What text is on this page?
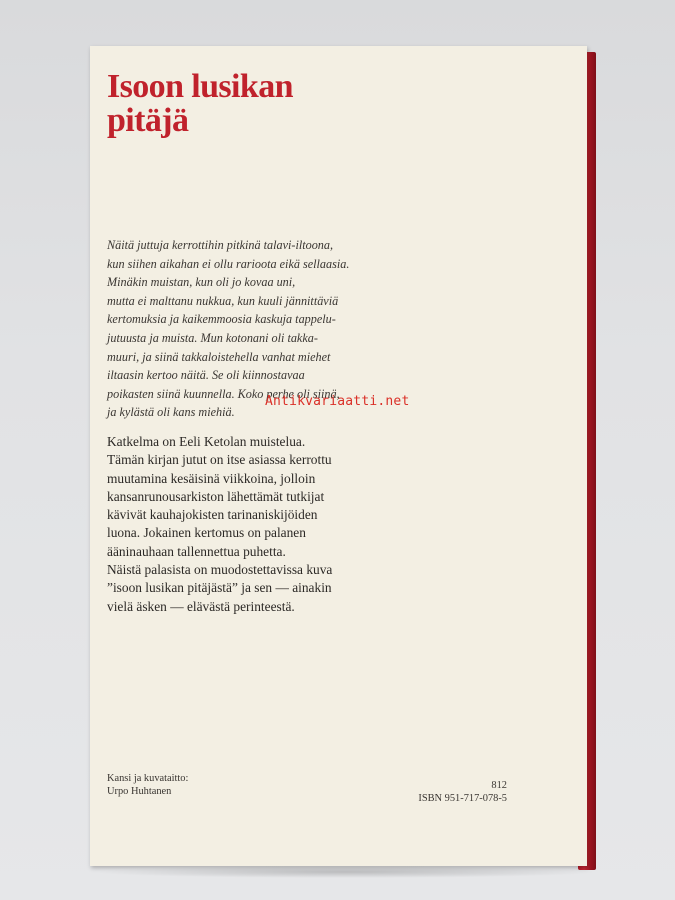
Isoon lusikan
pitäjä
Näitä juttuja kerrottihin pitkinä talavi-iltoona,
kun siihen aikahan ei ollu rarioota eikä sellaasia.
Minäkin muistan, kun oli jo kovaa uni,
mutta ei malttanu nukkua, kun kuuli jännittäviä
kertomuksia ja kaikemmoosia kaskuja tappelu-
jutuusta ja muista. Mun kotonani oli takka-
muuri, ja siinä takkaloistehella vanhat miehet
iltaasin kertoo näitä. Se oli kiinnostavaa
poikasten siinä kuunnella. Koko perhe oli siinä,
ja kylästä oli kans miehiä.
Katkelma on Eeli Ketolan muistelua.
Tämän kirjan jutut on itse asiassa kerrottu
muutamina kesäisinä viikkoina, jolloin
kansanrunousarkiston lähettämät tutkijat
kävivät kauhajokisten tarinaniskijöiden
luona. Jokainen kertomus on palanen
ääninauhaan tallennettua puhetta.
Näistä palasista on muodostettavissa kuva
”isoon lusikan pitäjästä” ja sen — ainakin
vielä äsken — elävästä perinteestä.
Kansi ja kuvataitto:
Urpo Huhtanen
812
ISBN 951-717-078-5
Antikvariaatti.net
